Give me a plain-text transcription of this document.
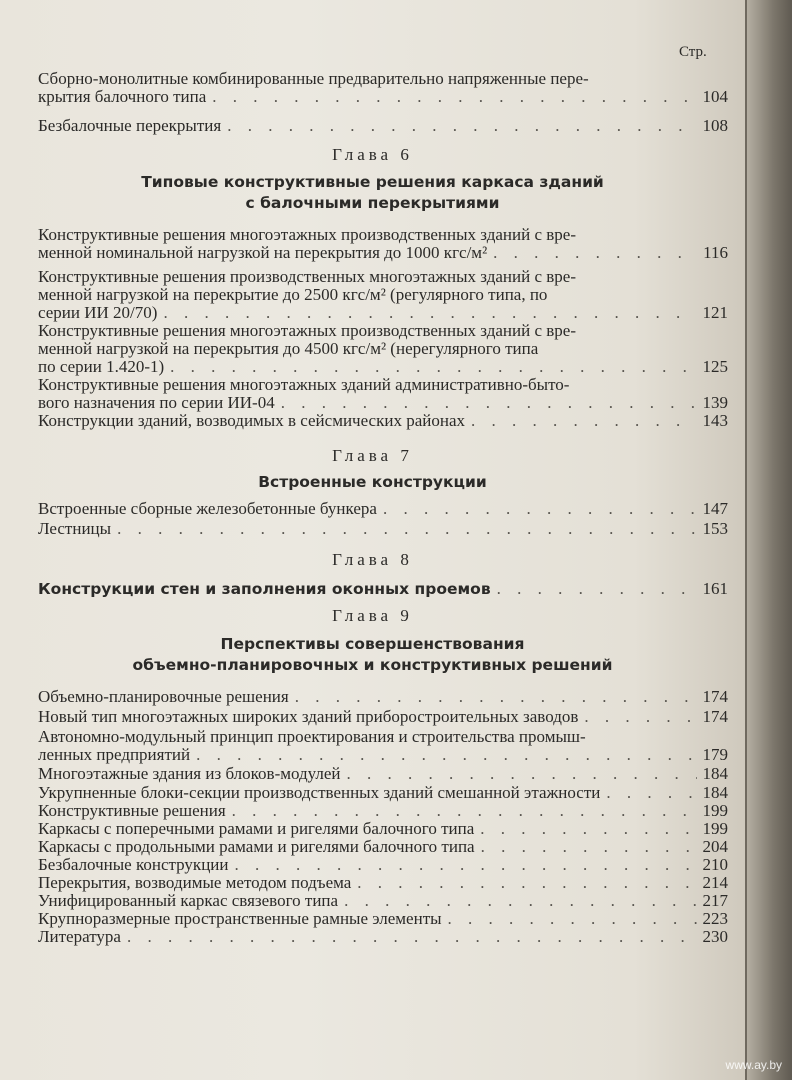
Стр.
Сборно-монолитные комбинированные предварительно напряженные пере-
крытия балочного типа . . .	104
Безбалочные перекрытия . . .	108
Глава 6
Типовые конструктивные решения каркаса зданий
с балочными перекрытиями
Конструктивные решения многоэтажных производственных зданий с вре-
менной номинальной нагрузкой на перекрытия до 1000 кгс/м² . . .	116
Конструктивные решения производственных многоэтажных зданий с вре-
менной нагрузкой на перекрытие до 2500 кгс/м² (регулярного типа, по
серии ИИ 20/70) . . .	121
Конструктивные решения многоэтажных производственных зданий с вре-
менной нагрузкой на перекрытия до 4500 кгс/м² (нерегулярного типа
по серии 1.420-1) . . .	125
Конструктивные решения многоэтажных зданий административно-быто-
вого назначения по серии ИИ-04 . . .	139
Конструкции зданий, возводимых в сейсмических районах . . .	143
Глава 7
Встроенные конструкции
Встроенные сборные железобетонные бункера . . .	147
Лестницы . . .	153
Глава 8
Конструкции стен и заполнения оконных проемов . . .	161
Глава 9
Перспективы совершенствования
объемно-планировочных и конструктивных решений
Объемно-планировочные решения . . .	174
Новый тип многоэтажных широких зданий приборостроительных заводов . . .	174
Автономно-модульный принцип проектирования и строительства промыш-
ленных предприятий . . .	179
Многоэтажные здания из блоков-модулей . . .	184
Укрупненные блоки-секции производственных зданий смешанной этажности . . .	184
Конструктивные решения . . .	199
Каркасы с поперечными рамами и ригелями балочного типа . . .	199
Каркасы с продольными рамами и ригелями балочного типа . . .	204
Безбалочные конструкции . . .	210
Перекрытия, возводимые методом подъема . . .	214
Унифицированный каркас связевого типа . . .	217
Крупноразмерные пространственные рамные элементы . . .	223
Литература . . .	230
www.ay.by
